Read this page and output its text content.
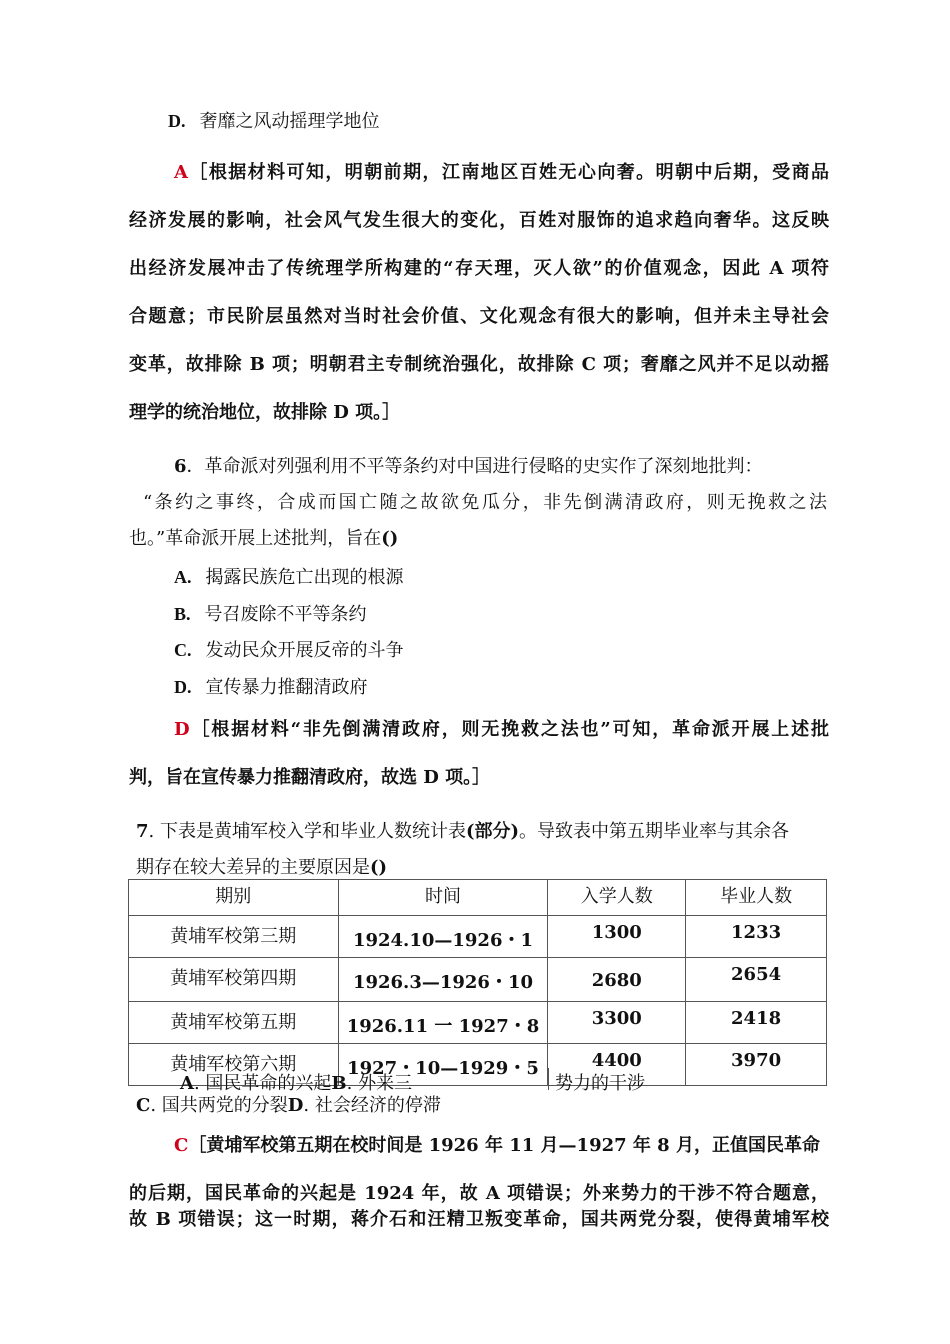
D. 奢靡之风动摇理学地位
A［根据材料可知，明朝前期，江南地区百姓无心向奢。明朝中后期，受商品
经济发展的影响，社会风气发生很大的变化，百姓对服饰的追求趋向奢华。这反映
出经济发展冲击了传统理学所构建的“存天理，灭人欲”的价值观念，因此 A 项符
合题意；市民阶层虽然对当时社会价值、文化观念有很大的影响，但并未主导社会
变革，故排除 B 项；明朝君主专制统治强化，故排除 C 项；奢靡之风并不足以动摇
理学的统治地位，故排除 D 项。］
6．革命派对列强利用不平等条约对中国进行侵略的史实作了深刻地批判：
“条约之事终，合成而国亡随之故欲免瓜分，非先倒满清政府，则无挽救之法
也。”革命派开展上述批判，旨在()
A. 揭露民族危亡出现的根源
B. 号召废除不平等条约
C. 发动民众开展反帝的斗争
D. 宣传暴力推翻清政府
D［根据材料“非先倒满清政府，则无挽救之法也”可知，革命派开展上述批
判，旨在宣传暴力推翻清政府，故选 D 项。］
7. 下表是黄埔军校入学和毕业人数统计表(部分)。导致表中第五期毕业率与其余各
期存在较大差异的主要原因是()
期别	时间	入学人数	毕业人数
黄埔军校第三期	1924.10—1926・1	1300	1233
黄埔军校第四期	1926.3—1926・10	2680	2654
黄埔军校第五期	1926.11 一 1927・8	3300	2418
黄埔军校第六期	1927・10—1929・5	4400	3970
A. 国民革命的兴起B. 外来三	势力的干涉
C. 国共两党的分裂D. 社会经济的停滞
C［黄埔军校第五期在校时间是 1926 年 11 月—1927 年 8 月，正值国民革命
的后期，国民革命的兴起是 1924 年，故 A 项错误；外来势力的干涉不符合题意，
故 B 项错误；这一时期，蒋介石和汪精卫叛变革命，国共两党分裂，使得黄埔军校
